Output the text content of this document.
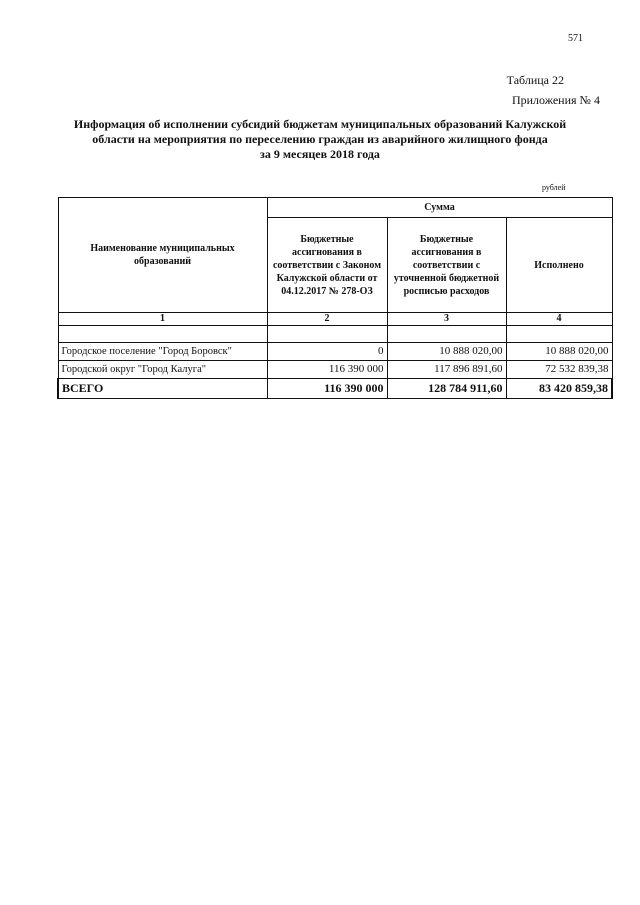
571
Таблица 22
Приложения № 4
Информация об исполнении субсидий бюджетам муниципальных образований Калужской
области на мероприятия по переселению граждан из аварийного жилищного фонда
за 9 месяцев 2018 года
рублей
Наименование муниципальных образований	Сумма		
	Бюджетные ассигнования в соответствии с Законом Калужской области от 04.12.2017 № 278-ОЗ	Бюджетные ассигнования в соответствии с уточненной бюджетной росписью расходов	Исполнено
1	2	3	4

Городское поселение "Город Боровск"	0	10 888 020,00	10 888 020,00
Городской округ "Город Калуга"	116 390 000	117 896 891,60	72 532 839,38
ВСЕГО	116 390 000	128 784 911,60	83 420 859,38
